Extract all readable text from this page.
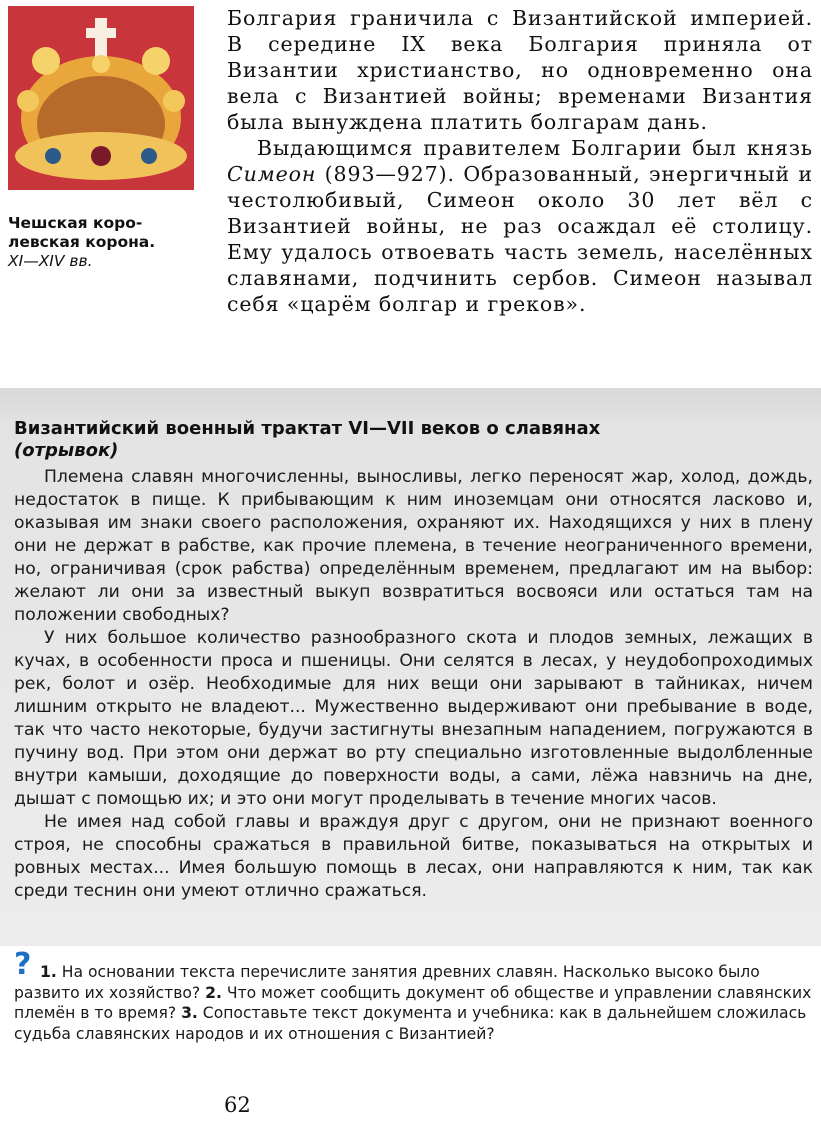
Чешская коро-
левская корона.
XI—XIV вв.

Болгария граничила с Византийской империей. В середине IX века Болгария приняла от Византии христианство, но одновременно она вела с Византией войны; временами Византия была вынуждена платить болгарам дань.

Выдающимся правителем Болгарии был князь Симеон (893—927). Образованный, энергичный и честолюбивый, Симеон около 30 лет вёл с Византией войны, не раз осаждал её столицу. Ему удалось отвоевать часть земель, населённых славянами, подчинить сербов. Симеон называл себя «царём болгар и греков».

Византийский военный трактат VI—VII веков о славянах
(отрывок)

Племена славян многочисленны, выносливы, легко переносят жар, холод, дождь, недостаток в пище. К прибывающим к ним иноземцам они относятся ласково и, оказывая им знаки своего расположения, охраняют их. Находящихся у них в плену они не держат в рабстве, как прочие племена, в течение неограниченного времени, но, ограничивая (срок рабства) определённым временем, предлагают им на выбор: желают ли они за известный выкуп возвратиться восвояси или остаться там на положении свободных?

У них большое количество разнообразного скота и плодов земных, лежащих в кучах, в особенности проса и пшеницы. Они селятся в лесах, у неудобопроходимых рек, болот и озёр. Необходимые для них вещи они зарывают в тайниках, ничем лишним открыто не владеют... Мужественно выдерживают они пребывание в воде, так что часто некоторые, будучи застигнуты внезапным нападением, погружаются в пучину вод. При этом они держат во рту специально изготовленные выдолбленные внутри камыши, доходящие до поверхности воды, а сами, лёжа навзничь на дне, дышат с помощью их; и это они могут проделывать в течение многих часов.

Не имея над собой главы и враждуя друг с другом, они не признают военного строя, не способны сражаться в правильной битве, показываться на открытых и ровных местах... Имея большую помощь в лесах, они направляются к ним, так как среди теснин они умеют отлично сражаться.

? 1. На основании текста перечислите занятия древних славян. Насколько высоко было развито их хозяйство? 2. Что может сообщить документ об обществе и управлении славянских племён в то время? 3. Сопоставьте текст документа и учебника: как в дальнейшем сложилась судьба славянских народов и их отношения с Византией?
62
